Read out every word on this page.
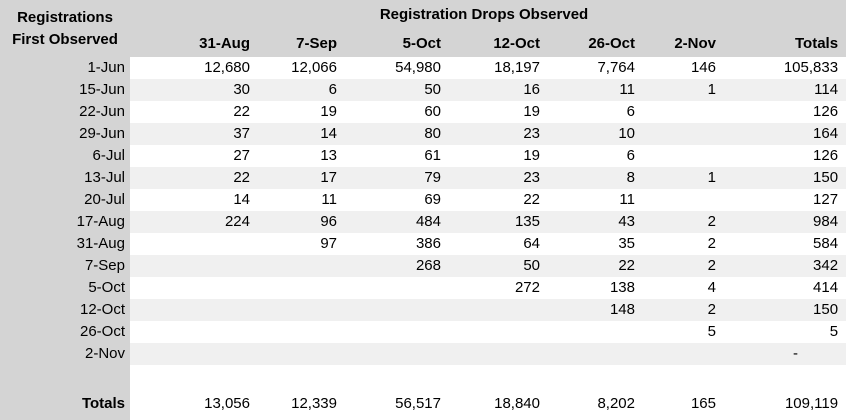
Registrations
First Observed	Registration Drops Observed						
	31-Aug	7-Sep	5-Oct	12-Oct	26-Oct	2-Nov	Totals
1-Jun	12,680	12,066	54,980	18,197	7,764	146	105,833
15-Jun	30	6	50	16	11	1	114
22-Jun	22	19	60	19	6		126
29-Jun	37	14	80	23	10		164
6-Jul	27	13	61	19	6		126
13-Jul	22	17	79	23	8	1	150
20-Jul	14	11	69	22	11		127
17-Aug	224	96	484	135	43	2	984
31-Aug		97	386	64	35	2	584
7-Sep			268	50	22	2	342
5-Oct				272	138	4	414
12-Oct					148	2	150
26-Oct						5	5
2-Nov							-

Totals	13,056	12,339	56,517	18,840	8,202	165	109,119
